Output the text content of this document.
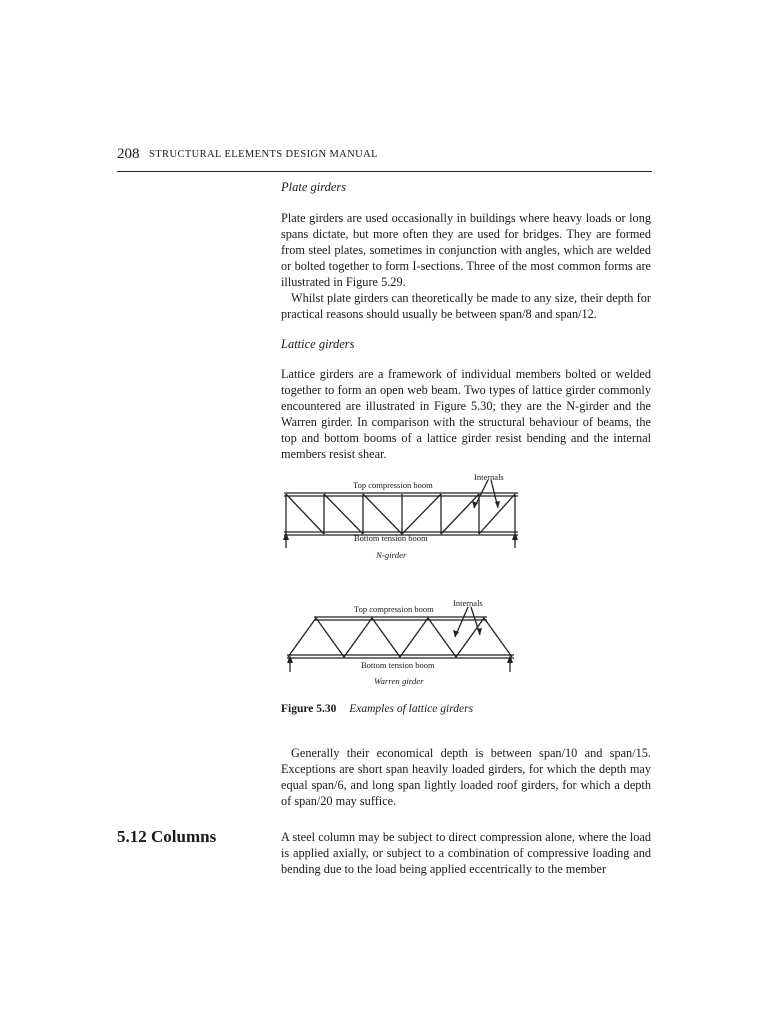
208 STRUCTURAL ELEMENTS DESIGN MANUAL
Plate girders

Plate girders are used occasionally in buildings where heavy loads or long spans dictate, but more often they are used for bridges. They are formed from steel plates, sometimes in conjunction with angles, which are welded or bolted together to form I-sections. Three of the most common forms are illustrated in Figure 5.29.

Whilst plate girders can theoretically be made to any size, their depth for practical reasons should usually be between span/8 and span/12.

Lattice girders

Lattice girders are a framework of individual members bolted or welded together to form an open web beam. Two types of lattice girder commonly encountered are illustrated in Figure 5.30; they are the N-girder and the Warren girder. In comparison with the structural behaviour of beams, the top and bottom booms of a lattice girder resist bending and the internal members resist shear.

Internals
Top compression boom
Bottom tension boom
N-girder
Internals
Top compression boom
Bottom tension boom
Warren girder
Figure 5.30 Examples of lattice girders

Generally their economical depth is between span/10 and span/15. Exceptions are short span heavily loaded girders, for which the depth may equal span/6, and long span lightly loaded roof girders, for which a depth of span/20 may suffice.

5.12 Columns	A steel column may be subject to direct compression alone, where the load is applied axially, or subject to a combination of compressive loading and bending due to the load being applied eccentrically to the member
